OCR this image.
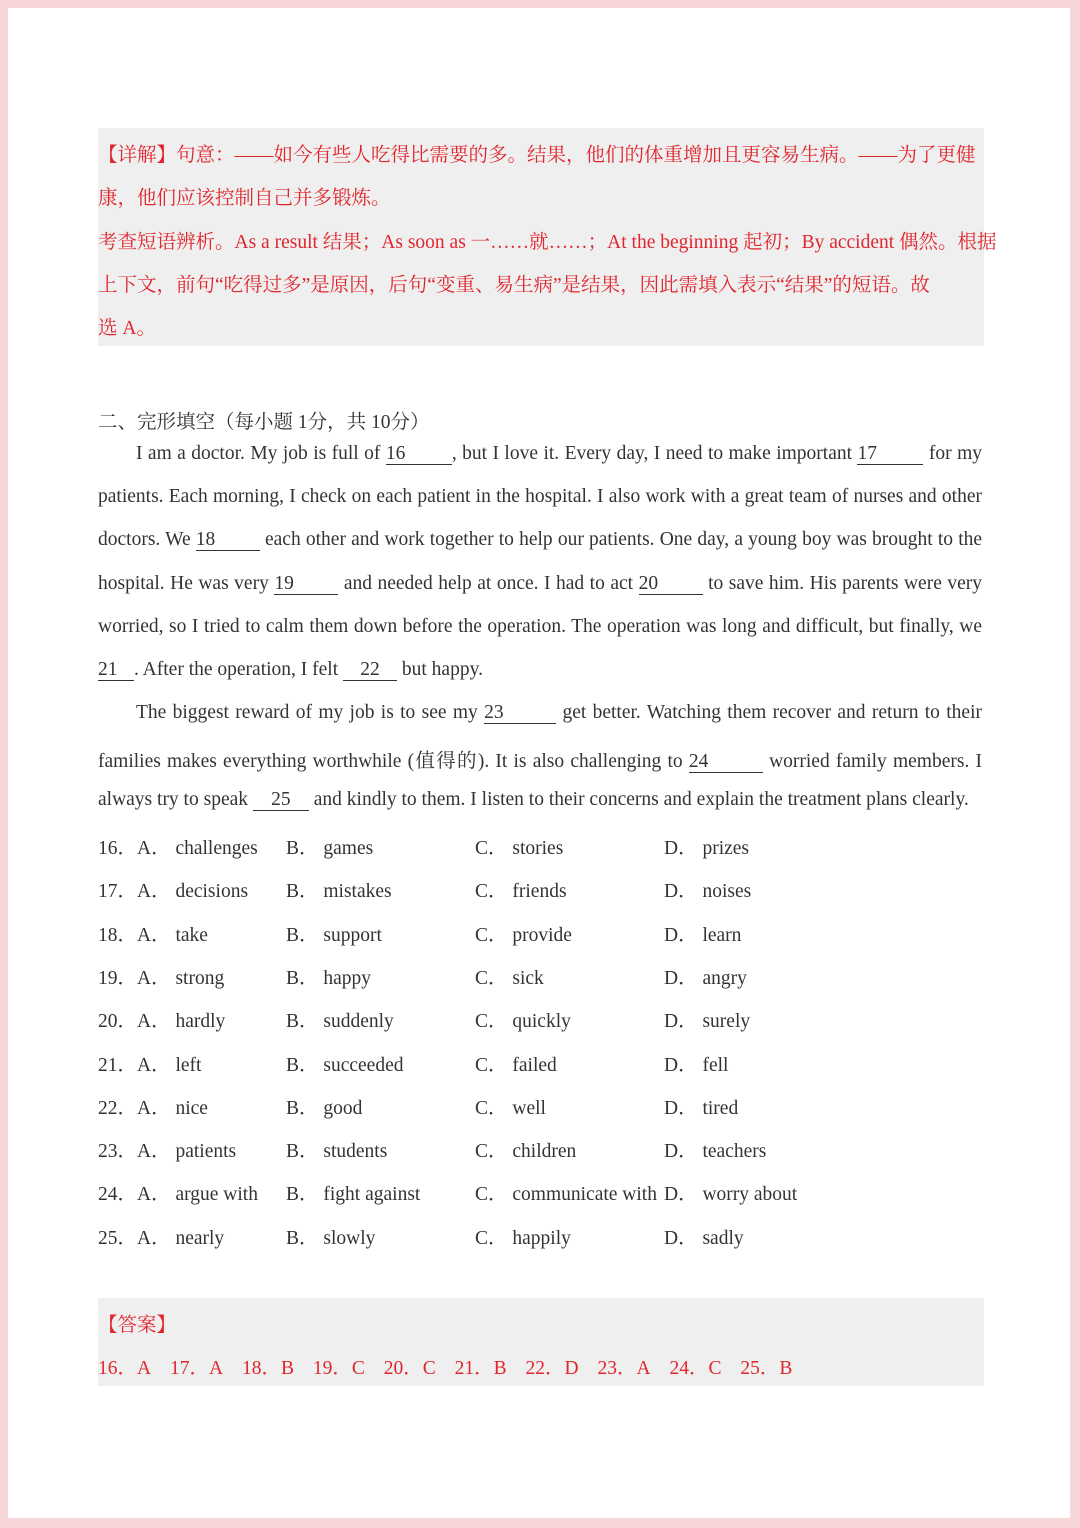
【详解】句意：——如今有些人吃得比需要的多。结果，他们的体重增加且更容易生病。——为了更健
康，他们应该控制自己并多锻炼。
考查短语辨析。As a result 结果；As soon as 一……就……；At the beginning 起初；By accident 偶然。根据
上下文，前句“吃得过多”是原因，后句“变重、易生病”是结果，因此需填入表示“结果”的短语。故
选 A。
二、完形填空（每小题 1分，共 10分）
I am a doctor. My job is full of 16 , but I love it. Every day, I need to make important 17	for my
patients. Each morning, I check on each patient in the hospital. I also work with a great team of nurses and other
doctors. We 18	each other and work together to help our patients. One day, a young boy was brought to the
hospital. He was very 19	and needed help at once. I had to act 20	to save him. His parents were very
worried, so I tried to calm them down before the operation. The operation was long and difficult, but finally, we
21 . After the operation, I felt 22 but happy.
The biggest reward of my job is to see my 23	get better. Watching them recover and return to their
families makes everything worthwhile (值得的). It is also challenging to 24	worried family members. I
always try to speak 25 and kindly to them. I listen to their concerns and explain the treatment plans clearly.
16． A． challenges B． games	C． stories	D． prizes
17． A． decisions B． mistakes	C． friends	D． noises
18． A． take	B． support	C． provide	D． learn
19． A． strong	B． happy	C． sick	D． angry
20． A． hardly	B． suddenly	C． quickly	D． surely
21． A． left	B． succeeded	C． failed	D． fell
22． A． nice	B． good	C． well	D． tired
23． A． patients	B． students	C． children	D． teachers
24． A． argue with B． fight against	C． communicate with D． worry about
25． A． nearly	B． slowly	C． happily	D． sadly
【答案】
16．A 17．A 18．B 19．C 20．C 21．B 22．D 23．A 24．C 25．B
